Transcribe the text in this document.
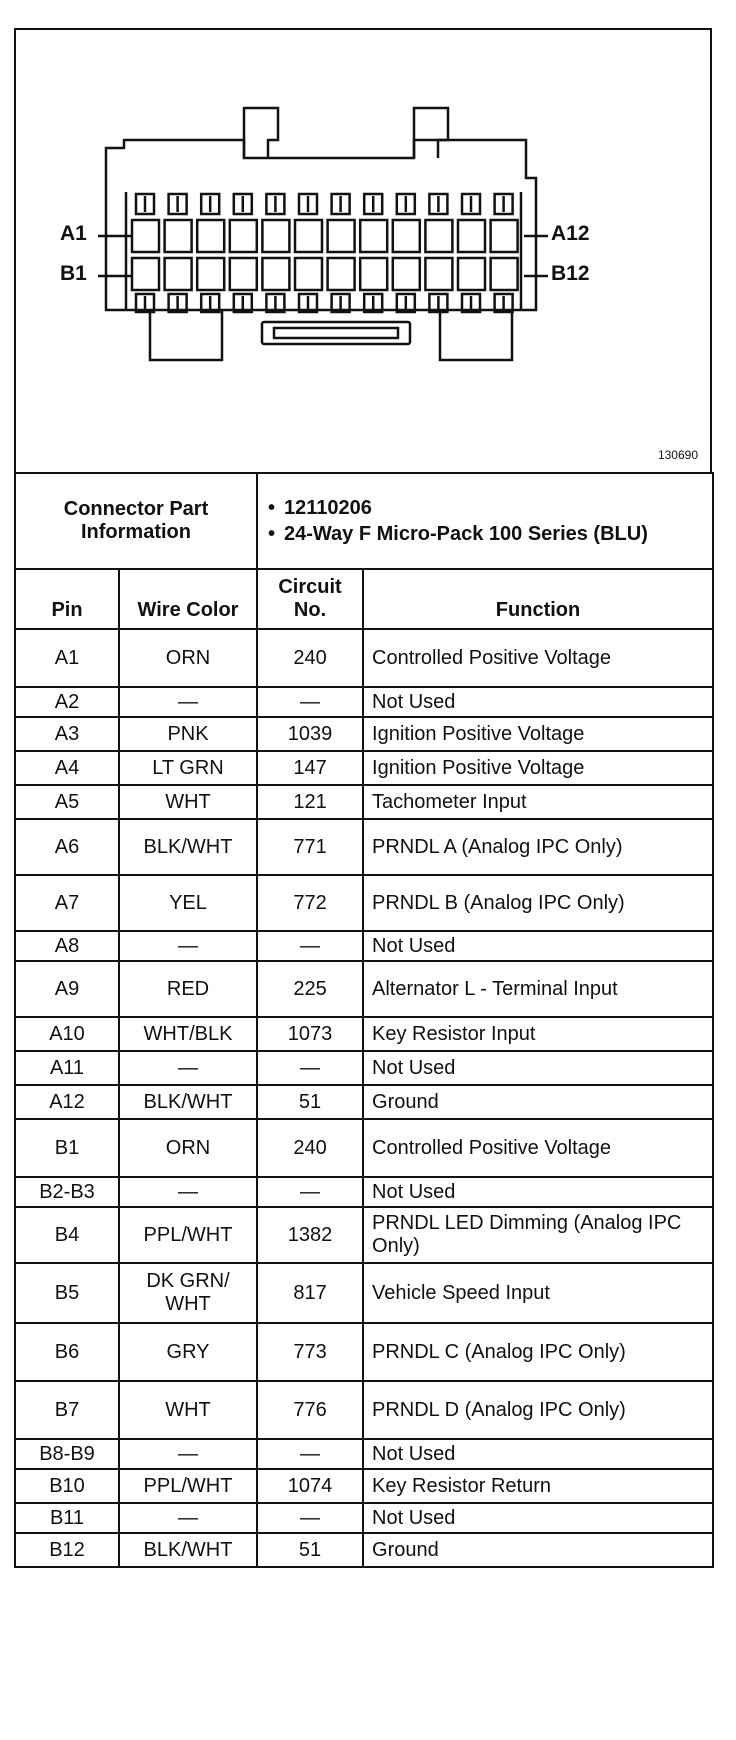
A1
B1
A12
B12
130690
Connector Part Information		• 12110206
• 24-Way F Micro-Pack 100 Series (BLU)	

Pin	Wire Color	Circuit No.	Function
A1	ORN	240	Controlled Positive Voltage
A2	—	—	Not Used
A3	PNK	1039	Ignition Positive Voltage
A4	LT GRN	147	Ignition Positive Voltage
A5	WHT	121	Tachometer Input
A6	BLK/WHT	771	PRNDL A (Analog IPC Only)
A7	YEL	772	PRNDL B (Analog IPC Only)
A8	—	—	Not Used
A9	RED	225	Alternator L - Terminal Input
A10	WHT/BLK	1073	Key Resistor Input
A11	—	—	Not Used
A12	BLK/WHT	51	Ground
B1	ORN	240	Controlled Positive Voltage
B2-B3	—	—	Not Used
B4	PPL/WHT	1382	PRNDL LED Dimming (Analog IPC Only)
B5	DK GRN/ WHT	817	Vehicle Speed Input
B6	GRY	773	PRNDL C (Analog IPC Only)
B7	WHT	776	PRNDL D (Analog IPC Only)
B8-B9	—	—	Not Used
B10	PPL/WHT	1074	Key Resistor Return
B11	—	—	Not Used
B12	BLK/WHT	51	Ground
